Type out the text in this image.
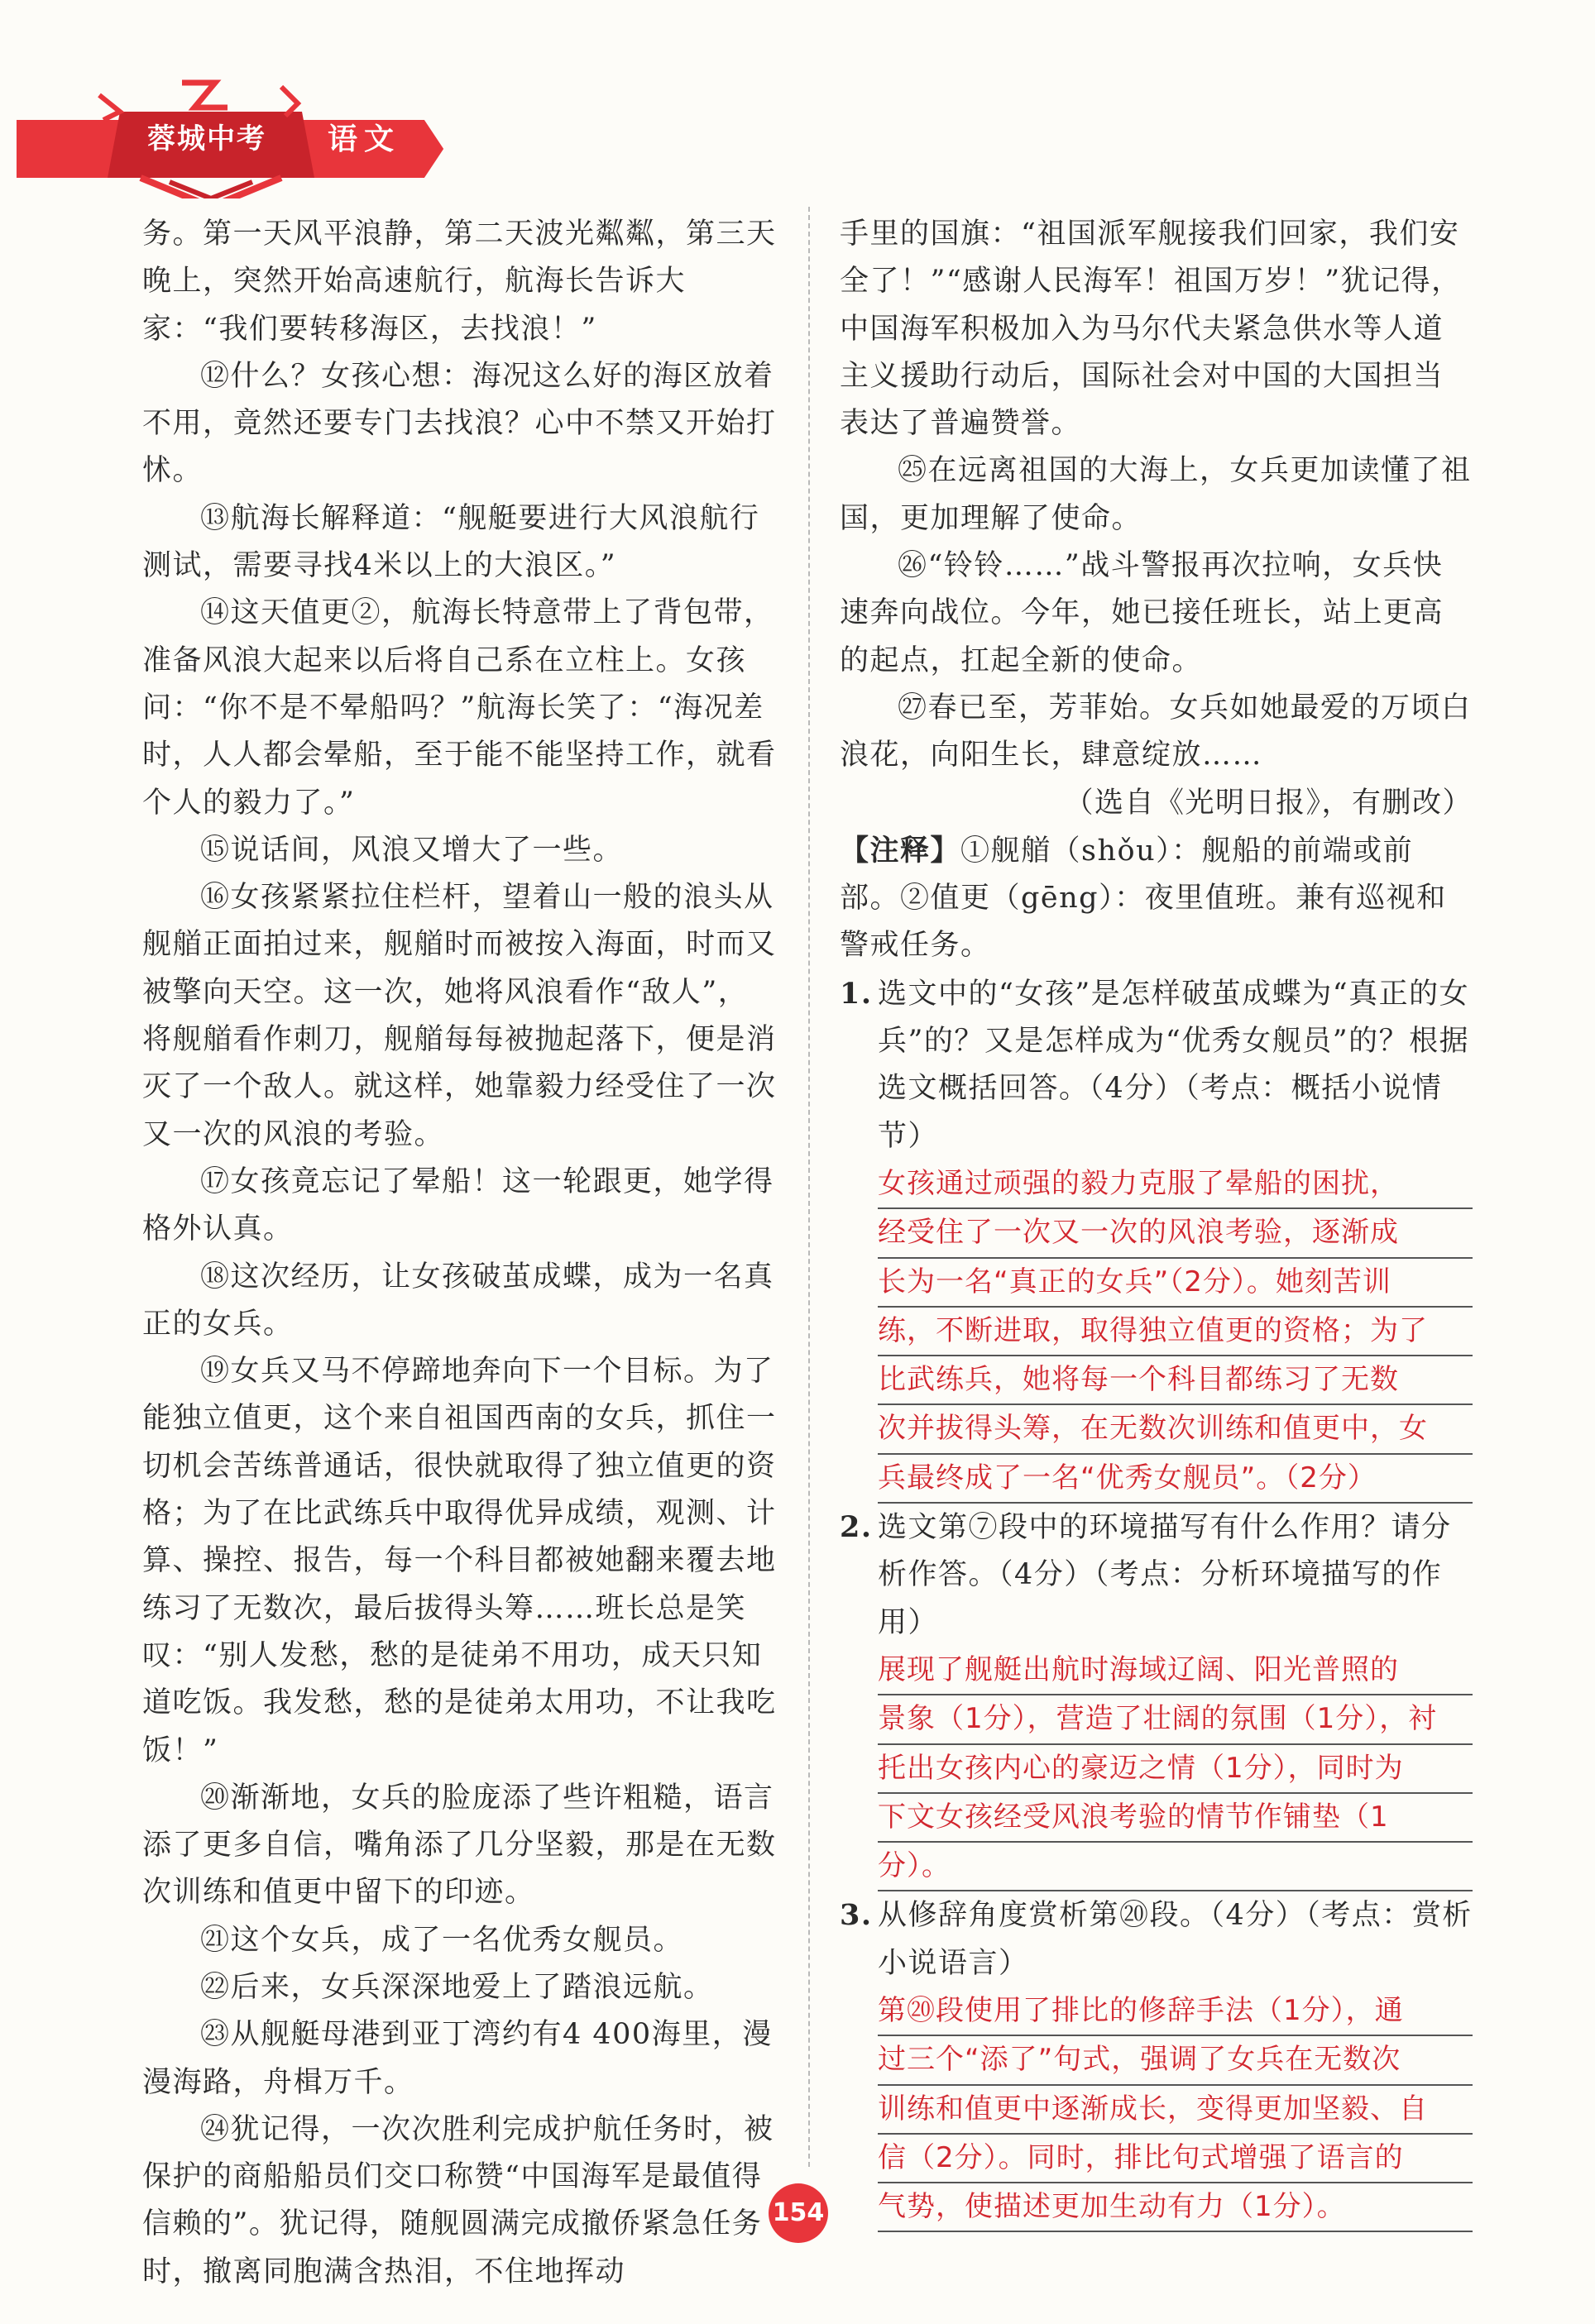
蓉城中考	语文

务。第一天风平浪静，第二天波光粼粼，第三天晚上，突然开始高速航行，航海长告诉大家：“我们要转移海区，去找浪！”

⑫什么？女孩心想：海况这么好的海区放着不用，竟然还要专门去找浪？心中不禁又开始打怵。

⑬航海长解释道：“舰艇要进行大风浪航行测试，需要寻找4米以上的大浪区。”

⑭这天值更②，航海长特意带上了背包带，准备风浪大起来以后将自己系在立柱上。女孩问：“你不是不晕船吗？”航海长笑了：“海况差时，人人都会晕船，至于能不能坚持工作，就看个人的毅力了。”

⑮说话间，风浪又增大了一些。

⑯女孩紧紧拉住栏杆，望着山一般的浪头从舰艏正面拍过来，舰艏时而被按入海面，时而又被擎向天空。这一次，她将风浪看作“敌人”，将舰艏看作刺刀，舰艏每每被抛起落下，便是消灭了一个敌人。就这样，她靠毅力经受住了一次又一次的风浪的考验。

⑰女孩竟忘记了晕船！这一轮跟更，她学得格外认真。

⑱这次经历，让女孩破茧成蝶，成为一名真正的女兵。

⑲女兵又马不停蹄地奔向下一个目标。为了能独立值更，这个来自祖国西南的女兵，抓住一切机会苦练普通话，很快就取得了独立值更的资格；为了在比武练兵中取得优异成绩，观测、计算、操控、报告，每一个科目都被她翻来覆去地练习了无数次，最后拔得头筹……班长总是笑叹：“别人发愁，愁的是徒弟不用功，成天只知道吃饭。我发愁，愁的是徒弟太用功，不让我吃饭！”

⑳渐渐地，女兵的脸庞添了些许粗糙，语言添了更多自信，嘴角添了几分坚毅，那是在无数次训练和值更中留下的印迹。

㉑这个女兵，成了一名优秀女舰员。

㉒后来，女兵深深地爱上了踏浪远航。

㉓从舰艇母港到亚丁湾约有4 400海里，漫漫海路，舟楫万千。

㉔犹记得，一次次胜利完成护航任务时，被保护的商船船员们交口称赞“中国海军是最值得信赖的”。犹记得，随舰圆满完成撤侨紧急任务时，撤离同胞满含热泪，不住地挥动

手里的国旗：“祖国派军舰接我们回家，我们安全了！”“感谢人民海军！祖国万岁！”犹记得，中国海军积极加入为马尔代夫紧急供水等人道主义援助行动后，国际社会对中国的大国担当表达了普遍赞誉。

㉕在远离祖国的大海上，女兵更加读懂了祖国，更加理解了使命。

㉖“铃铃……”战斗警报再次拉响，女兵快速奔向战位。今年，她已接任班长，站上更高的起点，扛起全新的使命。

㉗春已至，芳菲始。女兵如她最爱的万顷白浪花，向阳生长，肆意绽放……

（选自《光明日报》，有删改）

【注释】①舰艏（shǒu）：舰船的前端或前部。②值更（gēng）：夜里值班。兼有巡视和警戒任务。

1. 选文中的“女孩”是怎样破茧成蝶为“真正的女兵”的？又是怎样成为“优秀女舰员”的？根据选文概括回答。（4分）（考点：概括小说情节）

女孩通过顽强的毅力克服了晕船的困扰，
经受住了一次又一次的风浪考验，逐渐成
长为一名“真正的女兵”（2分）。她刻苦训
练，不断进取，取得独立值更的资格；为了
比武练兵，她将每一个科目都练习了无数
次并拔得头筹，在无数次训练和值更中，女
兵最终成了一名“优秀女舰员”。（2分）

2. 选文第⑦段中的环境描写有什么作用？请分析作答。（4分）（考点：分析环境描写的作用）

展现了舰艇出航时海域辽阔、阳光普照的
景象（1分），营造了壮阔的氛围（1分），衬
托出女孩内心的豪迈之情（1分），同时为
下文女孩经受风浪考验的情节作铺垫（1
分）。

3. 从修辞角度赏析第⑳段。（4分）（考点：赏析小说语言）

第⑳段使用了排比的修辞手法（1分），通
过三个“添了”句式，强调了女兵在无数次
训练和值更中逐渐成长，变得更加坚毅、自
信（2分）。同时，排比句式增强了语言的
气势，使描述更加生动有力（1分）。
154
